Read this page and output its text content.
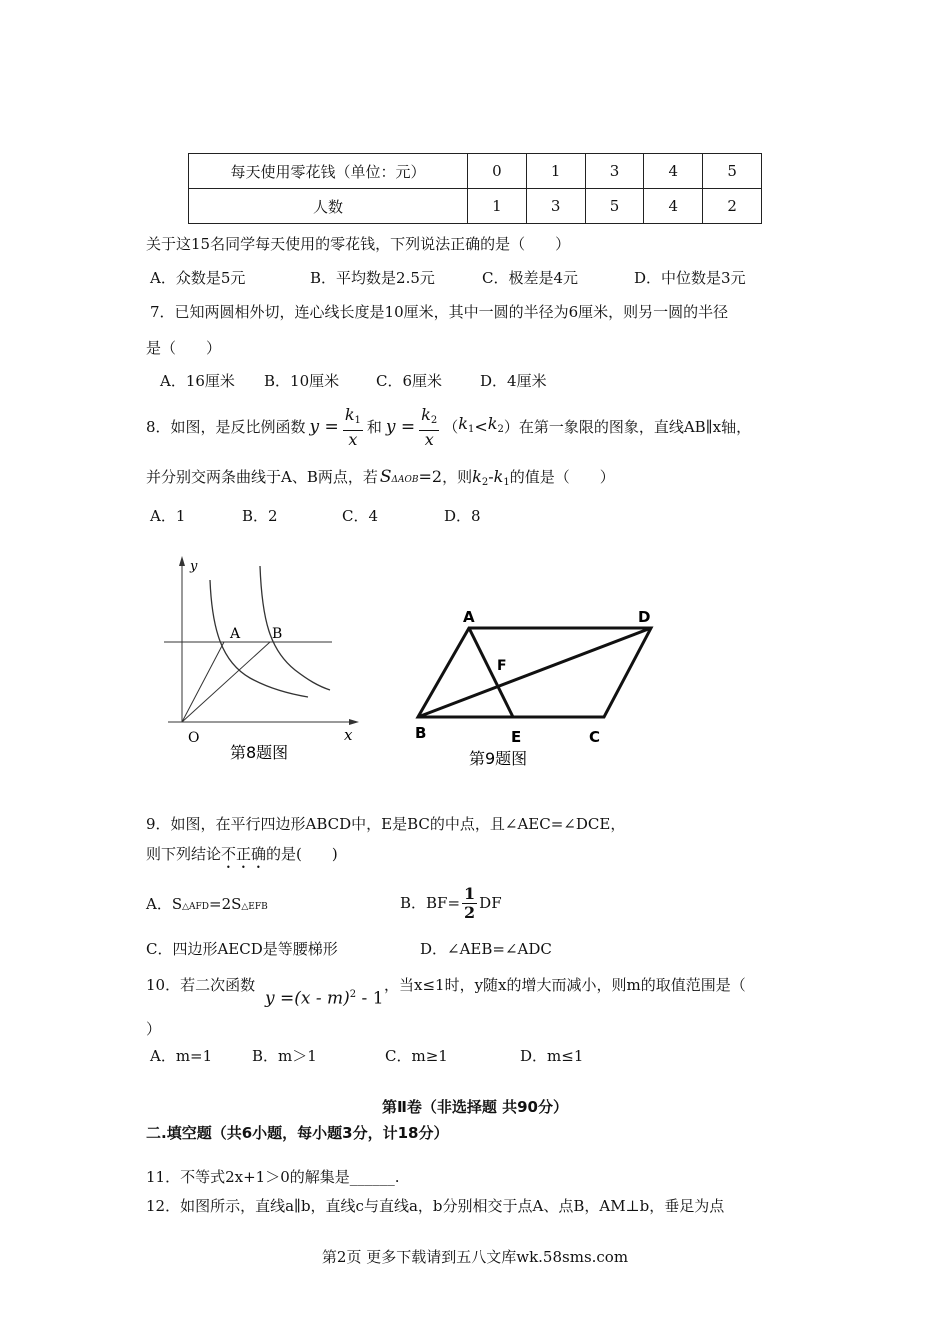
每天使用零花钱（单位：元）	0	1	3	4	5
人数	1	3	5	4	2
关于这15名同学每天使用的零花钱，下列说法正确的是（　　）
A．众数是5元	B．平均数是2.5元	C．极差是4元	D．中位数是3元
7．已知两圆相外切，连心线长度是10厘米，其中一圆的半径为6厘米，则另一圆的半径
是（　　）
A．16厘米 B．10厘米 C．6厘米	D．4厘米
8．如图，是反比例函数 $y = \frac{k_1}{x}$ 和 $y = \frac{k_2}{x}$ （ $k_1 < k_2$ ） 在第一象限的图象，直线AB∥x轴，
并分别交两条曲线于A、B两点，若 S ΔAOB =2 ，则 $k_2 - k_1$ 的值是（　　）
A．1	B．2	C．4	D．8
y
x
O
A B
第8题图
A	D
F
B	E	C
第9题图
9．如图，在平行四边形ABCD中，E是BC的中点，且∠AEC=∠DCE，
则下列结论不正确的是(　　)
A．S△AFD=2S△EFB	B．$BF= \frac{1}{2}$ DF
C．四边形AECD是等腰梯形	D．∠AEB=∠ADC
10．若二次函数
y =(x - m)$^2$ - 1
，当x≤1时，y随x的增大而减小，则m的取值范围是（
）
A．m=1	B．m＞1	C．m≥1	D．m≤1
第Ⅱ卷（非选择题 共90分）
二.填空题（共6小题，每小题3分，计18分）
11．不等式2x+1＞0的解集是______.
12．如图所示，直线a∥b，直线c与直线a，b分别相交于点A、点B，AM⊥b，垂足为点
第2页 更多下载请到五八文库wk.58sms.com
